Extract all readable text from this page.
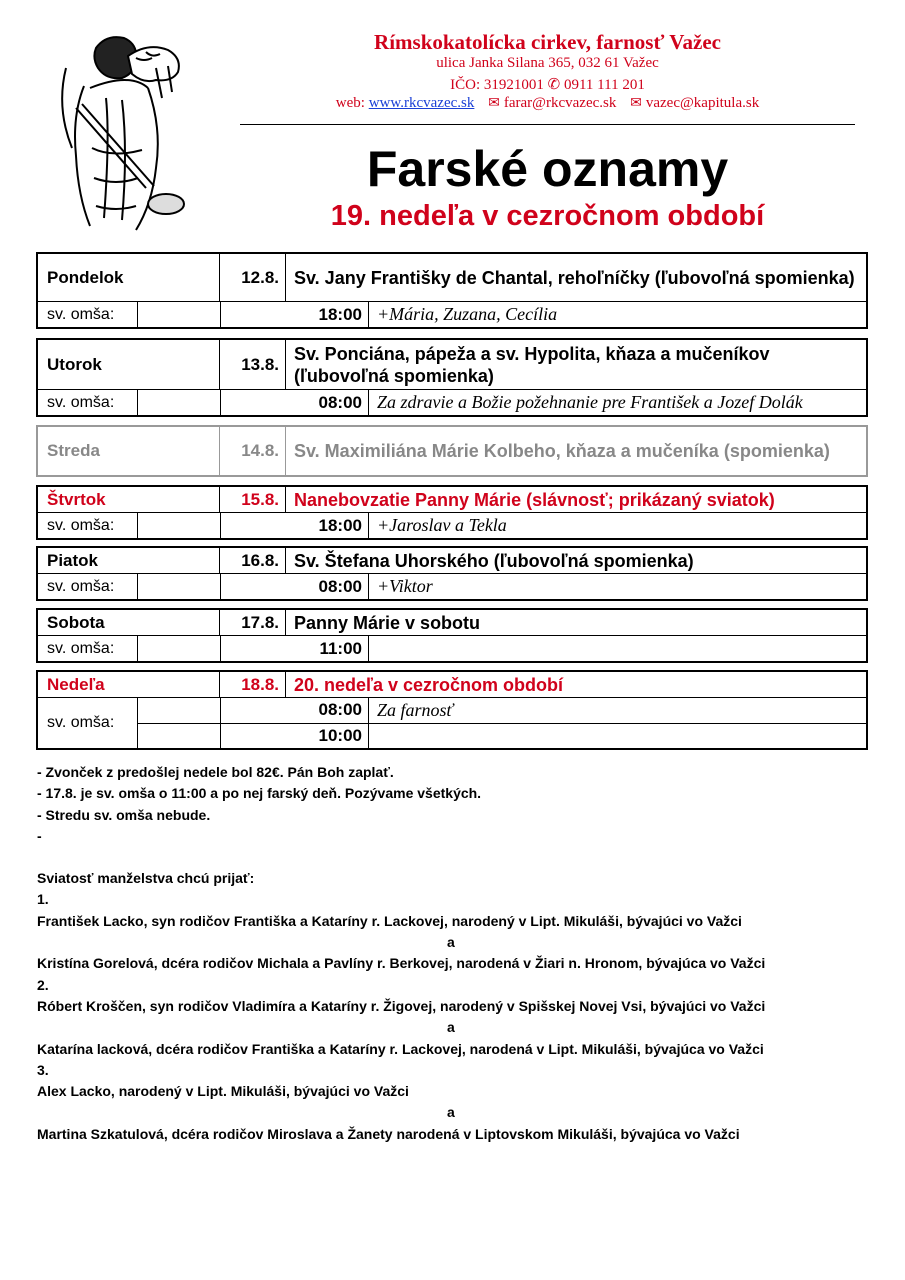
Rímskokatolícka cirkev, farnosť Važec
ulica Janka Silana 365, 032 61 Važec
IČO: 31921001 ✆ 0911 111 201
web: www.rkcvazec.sk ✉ farar@rkcvazec.sk ✉ vazec@kapitula.sk
Farské oznamy
19. nedeľa v cezročnom období
Pondelok	12.8. Sv. Jany Františky de Chantal, rehoľníčky (ľubovoľná spomienka)
sv. omša:	18:00 +Mária, Zuzana, Cecília
Utorok	13.8.
Sv. Ponciána, pápeža a sv. Hypolita, kňaza a mučeníkov (ľubovoľná spomienka)
sv. omša:	08:00 Za zdravie a Božie požehnanie pre František a Jozef Dolák
Streda	14.8. Sv. Maximiliána Márie Kolbeho, kňaza a mučeníka (spomienka)
Štvrtok	15.8. Nanebovzatie Panny Márie (slávnosť; prikázaný sviatok)
sv. omša:	18:00 +Jaroslav a Tekla
Piatok	16.8. Sv. Štefana Uhorského (ľubovoľná spomienka)
sv. omša:	08:00 +Viktor
Sobota	17.8. Panny Márie v sobotu
sv. omša:	11:00
Nedeľa	18.8. 20. nedeľa v cezročnom období
sv. omša:
08:00 Za farnosť
10:00
- Zvonček z predošlej nedele bol 82€. Pán Boh zaplať.
- 17.8. je sv. omša o 11:00 a po nej farský deň. Pozývame všetkých.
- Stredu sv. omša nebude.
-
Sviatosť manželstva chcú prijať:
1.
František Lacko, syn rodičov Františka a Kataríny r. Lackovej, narodený v Lipt. Mikuláši, bývajúci vo Važci
a
Kristína Gorelová, dcéra rodičov Michala a Pavlíny r. Berkovej, narodená v Žiari n. Hronom, bývajúca vo Važci
2.
Róbert Kroščen, syn rodičov Vladimíra a Kataríny r. Žigovej, narodený v Spišskej Novej Vsi, bývajúci vo Važci
a
Katarína lacková, dcéra rodičov Františka a Kataríny r. Lackovej, narodená v Lipt. Mikuláši, bývajúca vo Važci
3.
Alex Lacko, narodený v Lipt. Mikuláši, bývajúci vo Važci
a
Martina Szkatulová, dcéra rodičov Miroslava a Žanety narodená v Liptovskom Mikuláši, bývajúca vo Važci
